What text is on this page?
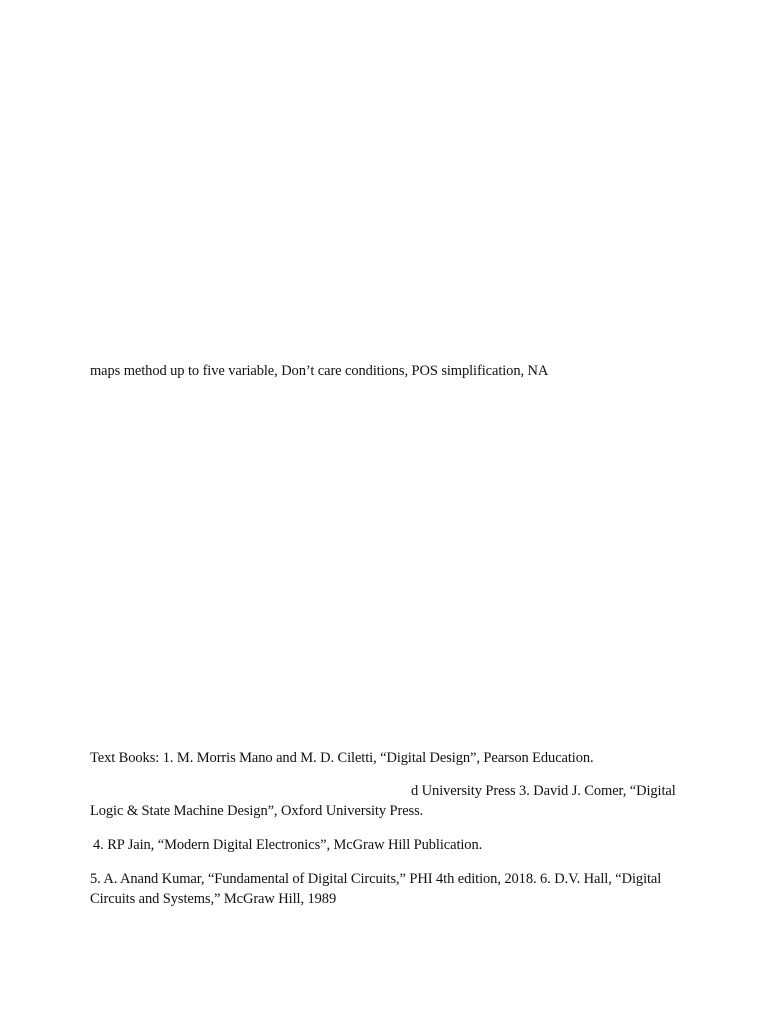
maps method up to five variable, Don’t care conditions, POS simplification, NA
Text Books: 1. M. Morris Mano and M. D. Ciletti, “Digital Design”, Pearson Education.
d University Press 3. David J. Comer, “Digital
Logic & State Machine Design”, Oxford University Press.
4. RP Jain, “Modern Digital Electronics”, McGraw Hill Publication.
5. A. Anand Kumar, “Fundamental of Digital Circuits,” PHI 4th edition, 2018. 6. D.V. Hall, “Digital
Circuits and Systems,” McGraw Hill, 1989
